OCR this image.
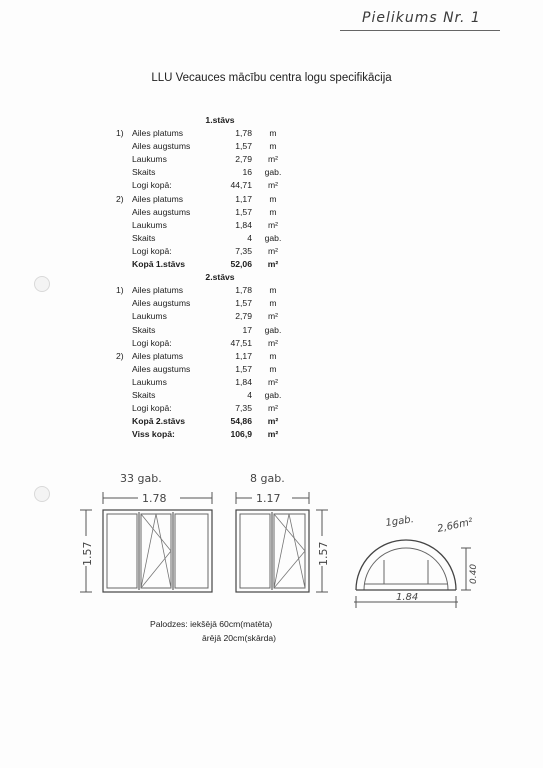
Pielikums Nr. 1
LLU Vecauces mācību centra logu specifikācija
1.stāvs
1) Ailes platums	1,78	m
Ailes augstums	1,57	m
Laukums	2,79	m²
Skaits	16	gab.
Logi kopā:	44,71	m²
2) Ailes platums	1,17	m
Ailes augstums	1,57	m
Laukums	1,84	m²
Skaits	4	gab.
Logi kopā:	7,35	m²
Kopā 1.stāvs	52,06	m²
2.stāvs
1) Ailes platums	1,78	m
Ailes augstums	1,57	m
Laukums	2,79	m²
Skaits	17	gab.
Logi kopā:	47,51	m²
2) Ailes platums	1,17	m
Ailes augstums	1,57	m
Laukums	1,84	m²
Skaits	4	gab.
Logi kopā:	7,35	m²
Kopā 2.stāvs	54,86	m²
Viss kopā:	106,9	m²
33 gab.
1.78
1.57
8 gab.
1.17
1.57
1gab. 2,66m²
1.84
0.40
Palodzes: iekšējā 60cm(matēta)
ārējā 20cm(skārda)
